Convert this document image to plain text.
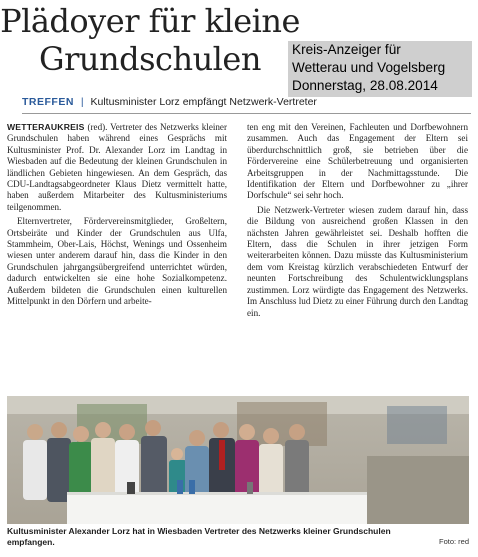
Plädoyer für kleine
Grundschulen	Kreis-Anzeiger für
Wetterau und Vogelsberg
Donnerstag, 28.08.2014
TREFFEN | Kultusminister Lorz empfängt Netzwerk-Vertreter

WETTERAUKREIS (red). Vertreter des Netzwerks kleiner Grundschulen haben während eines Gesprächs mit Kultusminister Prof. Dr. Alexander Lorz im Landtag in Wiesbaden auf die Bedeutung der kleinen Grundschulen in ländlichen Gebieten hingewiesen. An dem Gespräch, das CDU-Landtagsabgeordneter Klaus Dietz vermittelt hatte, haben außerdem Mitarbeiter des Kultusministeriums teilgenommen.

Elternvertreter, Fördervereinsmitglieder, Großeltern, Ortsbeiräte und Kinder der Grundschulen aus Ulfa, Stammheim, Ober-Lais, Höchst, Wenings und Ossenheim wiesen unter anderem darauf hin, dass die Kinder in den Grundschulen jahrgangsübergreifend unterrichtet würden, dadurch entwickelten sie eine hohe Sozialkompetenz. Außerdem bildeten die Grundschulen einen kulturellen Mittelpunkt in den Dörfern und arbeite-

ten eng mit den Vereinen, Fachleuten und Dorfbewohnern zusammen. Auch das Engagement der Eltern sei überdurchschnittlich groß, sie betrieben über die Fördervereine eine Schülerbetreuung und organisierten Arbeitsgruppen in der Nachmittagsstunde. Die Identifikation der Eltern und Dorfbewohner zu „ihrer Dorfschule“ sei sehr hoch.

Die Netzwerk-Vertreter wiesen zudem darauf hin, dass die Bildung von ausreichend großen Klassen in den nächsten Jahren gewährleistet sei. Deshalb hofften die Eltern, dass die Schulen in ihrer jetzigen Form weiterarbeiten können. Dazu müsste das Kultusministerium dem vom Kreistag kürzlich verabschiedeten Entwurf der neunten Fortschreibung des Schulentwicklungsplans zustimmen. Lorz würdigte das Engagement des Netzwerks. Im Anschluss lud Dietz zu einer Führung durch den Landtag ein.

Kultusminister Alexander Lorz hat in Wiesbaden Vertreter des Netzwerks kleiner Grundschulen empfangen.	Foto: red
